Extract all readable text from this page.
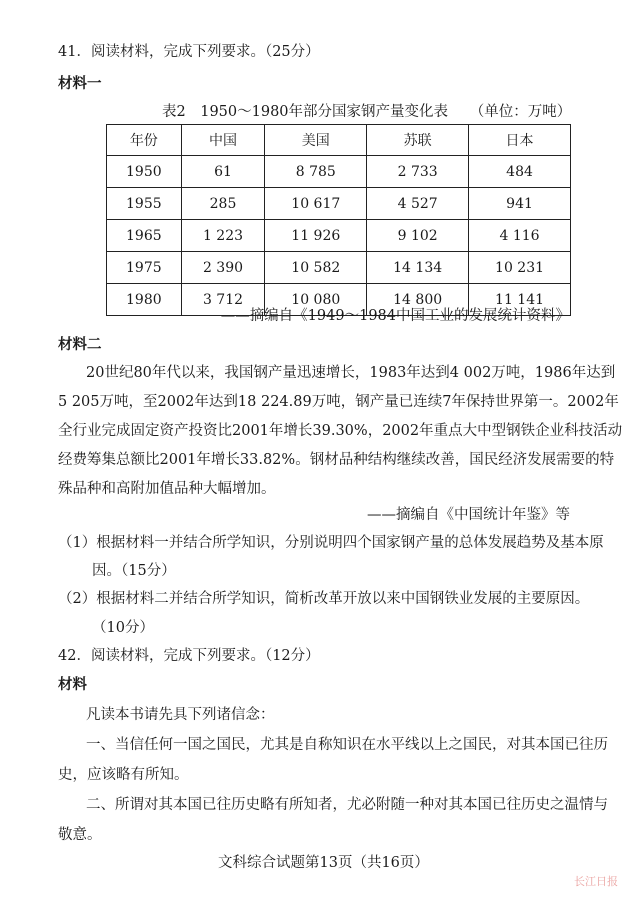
41．阅读材料，完成下列要求。（25分）

材料一

表2　1950～1980年部分国家钢产量变化表　　（单位：万吨）

年份	中国	美国	苏联	日本
1950	61	8 785	2 733	484
1955	285	10 617	4 527	941
1965	1 223	11 926	9 102	4 116
1975	2 390	10 582	14 134	10 231
1980	3 712	10 080	14 800	11 141

——摘编自《1949～1984中国工业的发展统计资料》

材料二

20世纪80年代以来，我国钢产量迅速增长，1983年达到4 002万吨，1986年达到
5 205万吨，至2002年达到18 224.89万吨，钢产量已连续7年保持世界第一。2002年
全行业完成固定资产投资比2001年增长39.30%，2002年重点大中型钢铁企业科技活动
经费筹集总额比2001年增长33.82%。钢材品种结构继续改善，国民经济发展需要的特
殊品种和高附加值品种大幅增加。

——摘编自《中国统计年鉴》等

（1）根据材料一并结合所学知识，分别说明四个国家钢产量的总体发展趋势及基本原

因。（15分）

（2）根据材料二并结合所学知识，简析改革开放以来中国钢铁业发展的主要原因。

（10分）

42．阅读材料，完成下列要求。（12分）

材料

凡读本书请先具下列诸信念：
一、当信任何一国之国民，尤其是自称知识在水平线以上之国民，对其本国已往历
史，应该略有所知。
二、所谓对其本国已往历史略有所知者，尤必附随一种对其本国已往历史之温情与
敬意。

文科综合试题第13页（共16页）

长江日报
